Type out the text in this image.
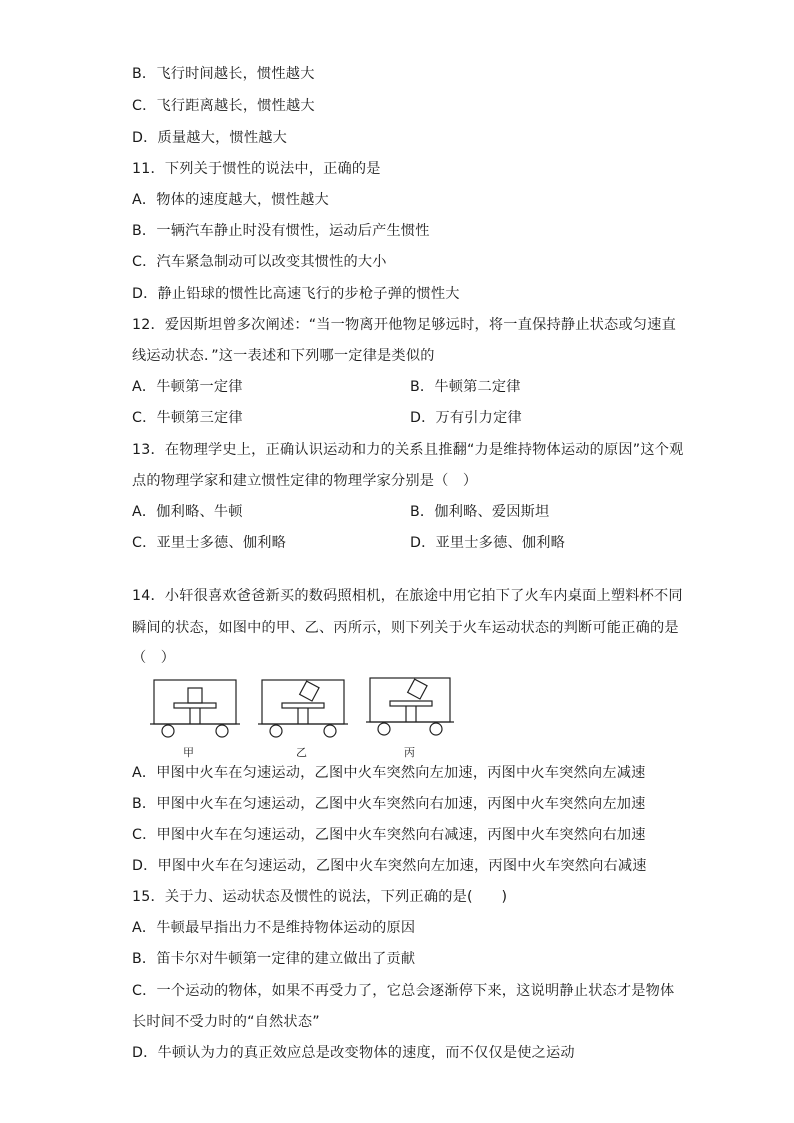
B．飞行时间越长，惯性越大
C．飞行距离越长，惯性越大
D．质量越大，惯性越大
11．下列关于惯性的说法中，正确的是
A．物体的速度越大，惯性越大
B．一辆汽车静止时没有惯性，运动后产生惯性
C．汽车紧急制动可以改变其惯性的大小
D．静止铅球的惯性比高速飞行的步枪子弹的惯性大
12．爱因斯坦曾多次阐述：“当一物离开他物足够远时，将一直保持静止状态或匀速直
线运动状态．”这一表述和下列哪一定律是类似的
A．牛顿第一定律	B．牛顿第二定律
C．牛顿第三定律	D．万有引力定律
13．在物理学史上，正确认识运动和力的关系且推翻“力是维持物体运动的原因”这个观
点的物理学家和建立惯性定律的物理学家分别是（　）
A．伽利略、牛顿	B．伽利略、爱因斯坦
C．亚里士多德、伽利略	D．亚里士多德、伽利略
14．小轩很喜欢爸爸新买的数码照相机，在旅途中用它拍下了火车内桌面上塑料杯不同
瞬间的状态，如图中的甲、乙、丙所示，则下列关于火车运动状态的判断可能正确的是
（　）
甲	乙	丙
A．甲图中火车在匀速运动，乙图中火车突然向左加速，丙图中火车突然向左减速
B．甲图中火车在匀速运动，乙图中火车突然向右加速，丙图中火车突然向左加速
C．甲图中火车在匀速运动，乙图中火车突然向右减速，丙图中火车突然向右加速
D．甲图中火车在匀速运动，乙图中火车突然向左加速，丙图中火车突然向右减速
15．关于力、运动状态及惯性的说法，下列正确的是(　　)
A．牛顿最早指出力不是维持物体运动的原因
B．笛卡尔对牛顿第一定律的建立做出了贡献
C．一个运动的物体，如果不再受力了，它总会逐渐停下来，这说明静止状态才是物体
长时间不受力时的“自然状态”
D．牛顿认为力的真正效应总是改变物体的速度，而不仅仅是使之运动
